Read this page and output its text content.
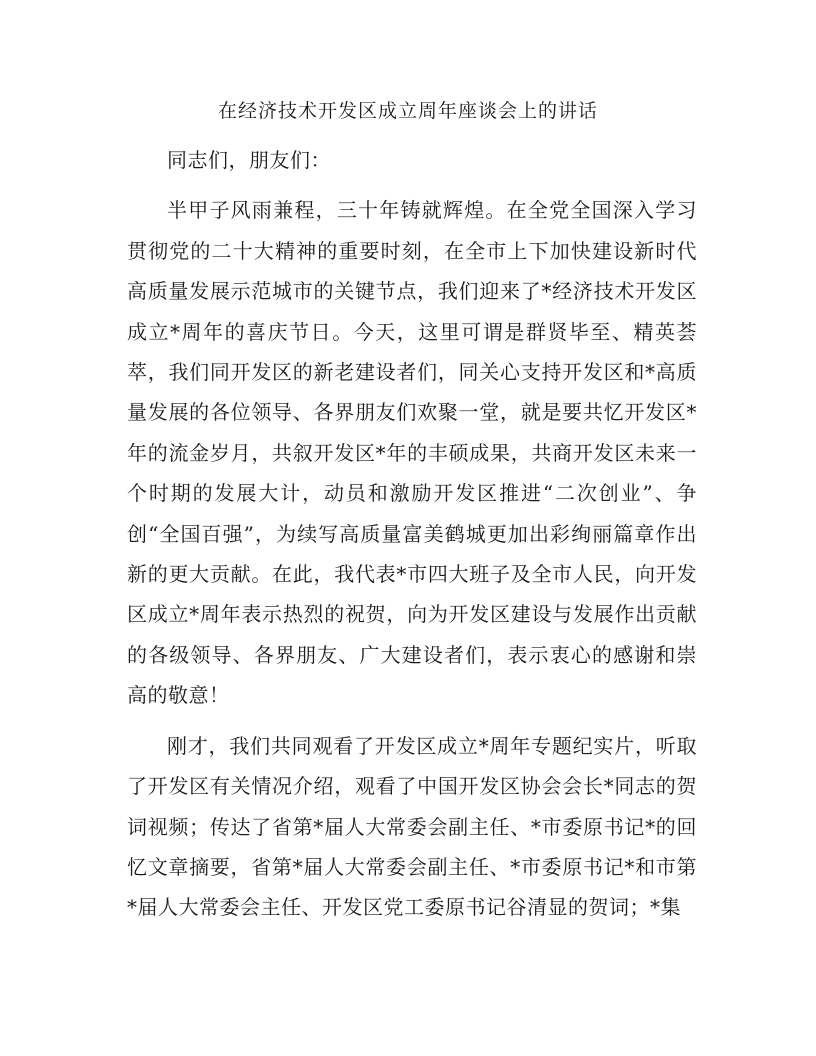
在经济技术开发区成立周年座谈会上的讲话

同志们，朋友们：

半甲子风雨兼程，三十年铸就辉煌。在全党全国深入学习贯彻党的二十大精神的重要时刻，在全市上下加快建设新时代高质量发展示范城市的关键节点，我们迎来了*经济技术开发区成立*周年的喜庆节日。今天，这里可谓是群贤毕至、精英荟萃，我们同开发区的新老建设者们，同关心支持开发区和*高质量发展的各位领导、各界朋友们欢聚一堂，就是要共忆开发区*年的流金岁月，共叙开发区*年的丰硕成果，共商开发区未来一个时期的发展大计，动员和激励开发区推进“二次创业”、争创“全国百强”，为续写高质量富美鹤城更加出彩绚丽篇章作出新的更大贡献。在此，我代表*市四大班子及全市人民，向开发区成立*周年表示热烈的祝贺，向为开发区建设与发展作出贡献的各级领导、各界朋友、广大建设者们，表示衷心的感谢和崇高的敬意！

刚才，我们共同观看了开发区成立*周年专题纪实片，听取了开发区有关情况介绍，观看了中国开发区协会会长*同志的贺词视频；传达了省第*届人大常委会副主任、*市委原书记*的回忆文章摘要，省第*届人大常委会副主任、*市委原书记*和市第*届人大常委会主任、开发区党工委原书记谷清显的贺词；*集
